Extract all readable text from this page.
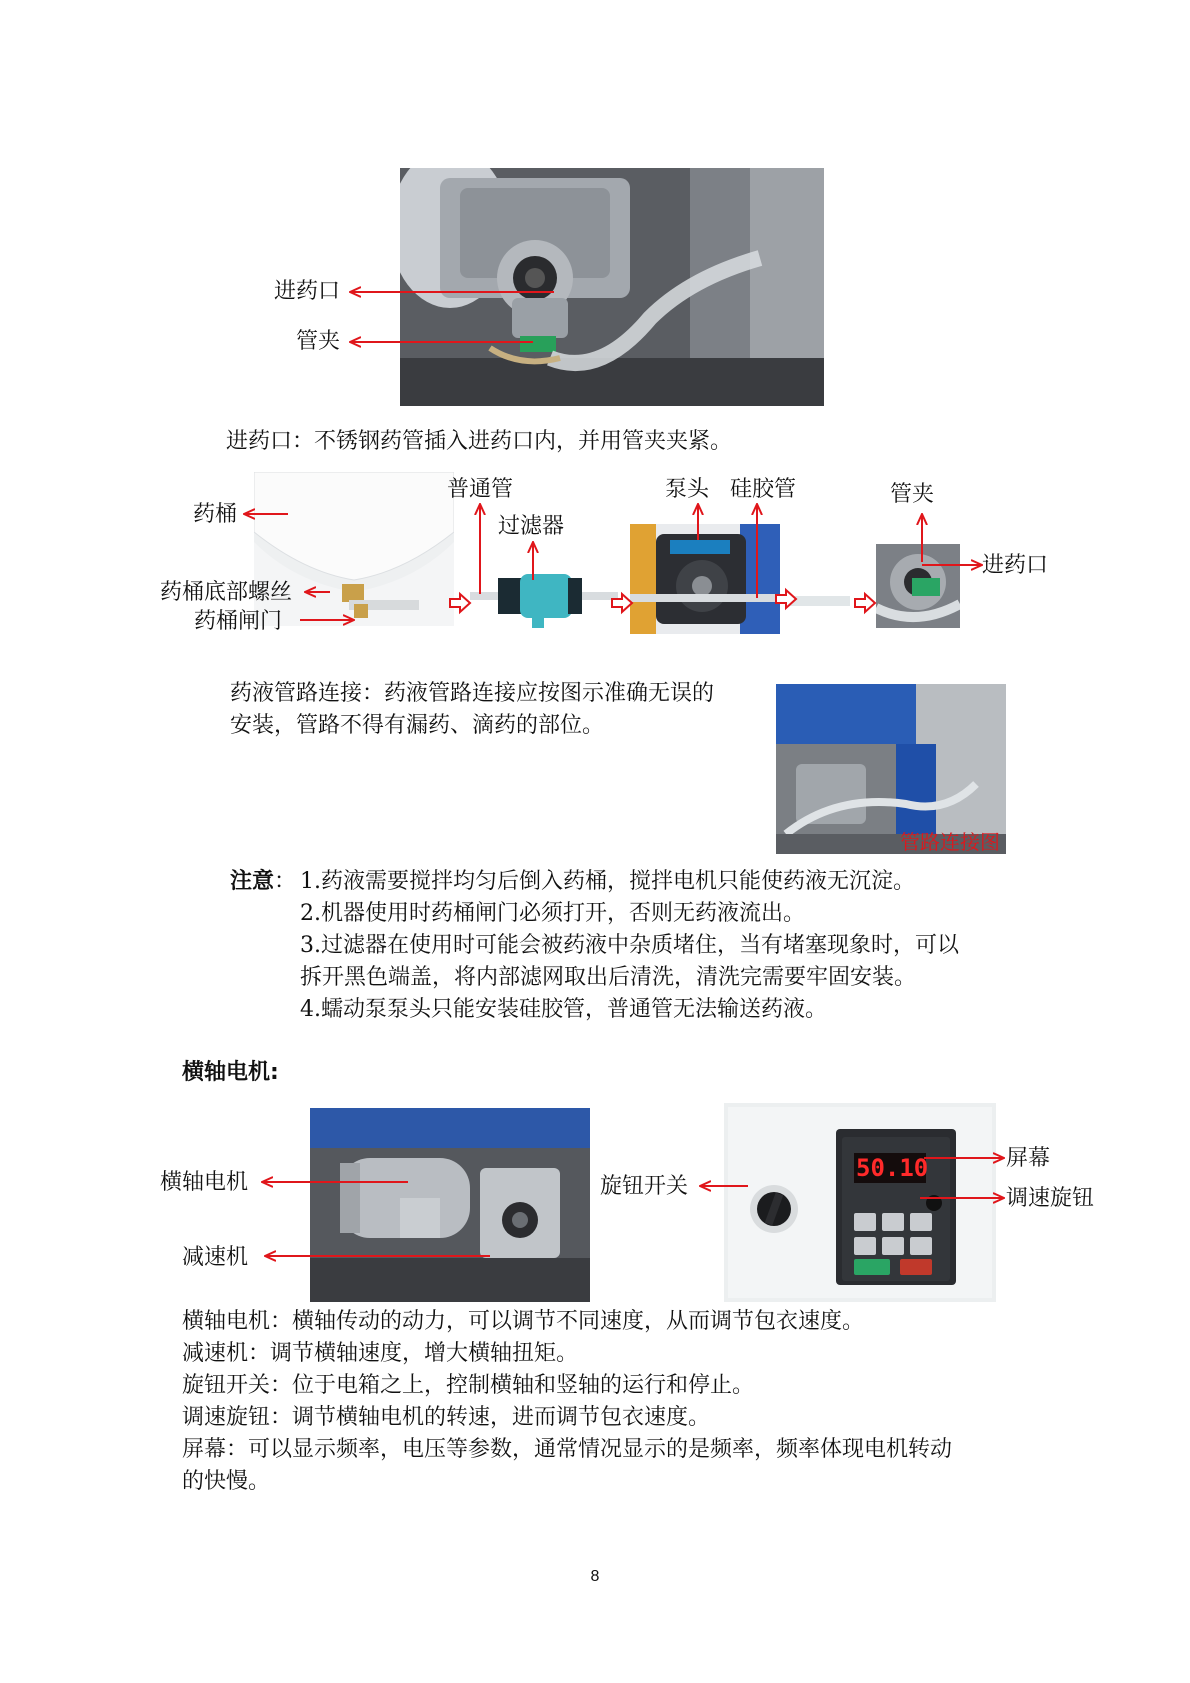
管路连接图
50.10
进药口
管夹
进药口：不锈钢药管插入进药口内，并用管夹夹紧。
药桶
药桶底部螺丝
药桶闸门
普通管
过滤器
泵头 硅胶管	管夹
进药口
药液管路连接：药液管路连接应按图示准确无误的
安装，管路不得有漏药、滴药的部位。
注意： 1.药液需要搅拌均匀后倒入药桶，搅拌电机只能使药液无沉淀。
2.机器使用时药桶闸门必须打开，否则无药液流出。
3.过滤器在使用时可能会被药液中杂质堵住，当有堵塞现象时，可以
拆开黑色端盖，将内部滤网取出后清洗，清洗完需要牢固安装。
4.蠕动泵泵头只能安装硅胶管，普通管无法输送药液。
横轴电机:
横轴电机
减速机
旋钮开关
屏幕
调速旋钮
横轴电机：横轴传动的动力，可以调节不同速度，从而调节包衣速度。
减速机：调节横轴速度，增大横轴扭矩。
旋钮开关：位于电箱之上，控制横轴和竖轴的运行和停止。
调速旋钮：调节横轴电机的转速，进而调节包衣速度。
屏幕：可以显示频率，电压等参数，通常情况显示的是频率，频率体现电机转动
的快慢。
8
